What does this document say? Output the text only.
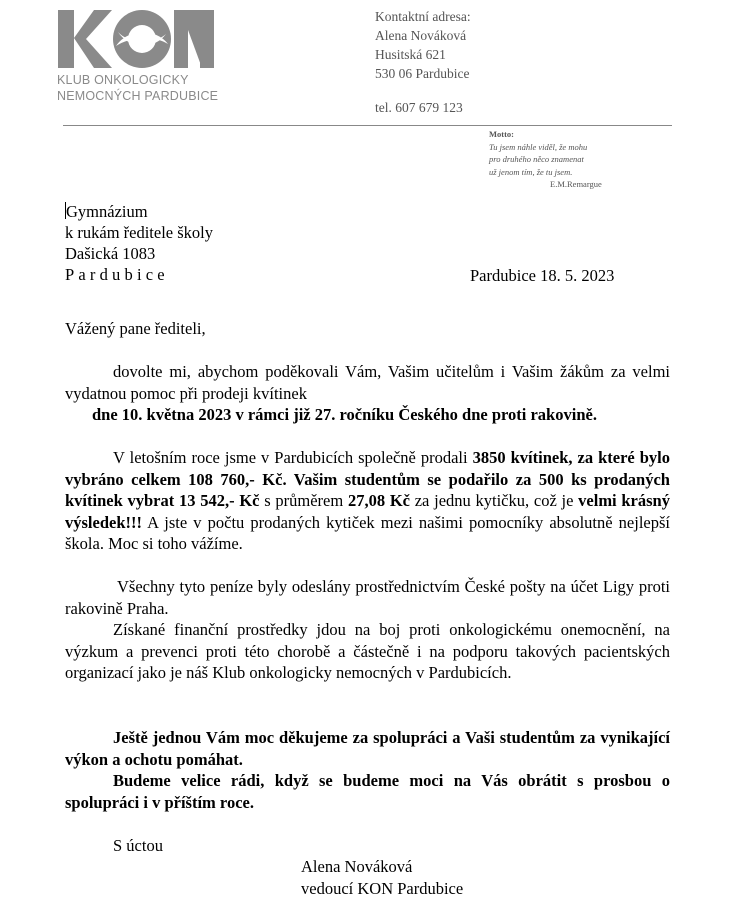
KLUB ONKOLOGICKY
NEMOCNÝCH PARDUBICE
Kontaktní adresa:
Alena Nováková
Husitská 621
530 06 Pardubice
tel. 607 679 123
Motto:
Tu jsem náhle viděl, že mohu
pro druhého něco znamenat
už jenom tím, že tu jsem.
E.M.Remargue
Gymnázium
k rukám ředitele školy
Dašická 1083
Pardubice	Pardubice 18. 5. 2023
Vážený pane řediteli,
dovolte mi, abychom poděkovali Vám, Vašim učitelům i Vašim žákům za velmi vydatnou pomoc při prodeji kvítinek
dne 10. května 2023 v rámci již 27. ročníku Českého dne proti rakovině.
V letošním roce jsme v Pardubicích společně prodali 3850 kvítinek, za které bylo vybráno celkem 108 760,- Kč. Vašim studentům se podařilo za 500 ks prodaných kvítinek vybrat 13 542,- Kč s průměrem 27,08 Kč za jednu kytičku, což je velmi krásný výsledek!!! A jste v počtu prodaných kytiček mezi našimi pomocníky absolutně nejlepší škola. Moc si toho vážíme.
Všechny tyto peníze byly odeslány prostřednictvím České pošty na účet Ligy proti rakovině Praha.
Získané finanční prostředky jdou na boj proti onkologickému onemocnění, na výzkum a prevenci proti této chorobě a částečně i na podporu takových pacientských organizací jako je náš Klub onkologicky nemocných v Pardubicích.
Ještě jednou Vám moc děkujeme za spolupráci a Vaši studentům za vynikající výkon a ochotu pomáhat.
Budeme velice rádi, když se budeme moci na Vás obrátit s prosbou o spolupráci i v příštím roce.
S úctou
Alena Nováková
vedoucí KON Pardubice
